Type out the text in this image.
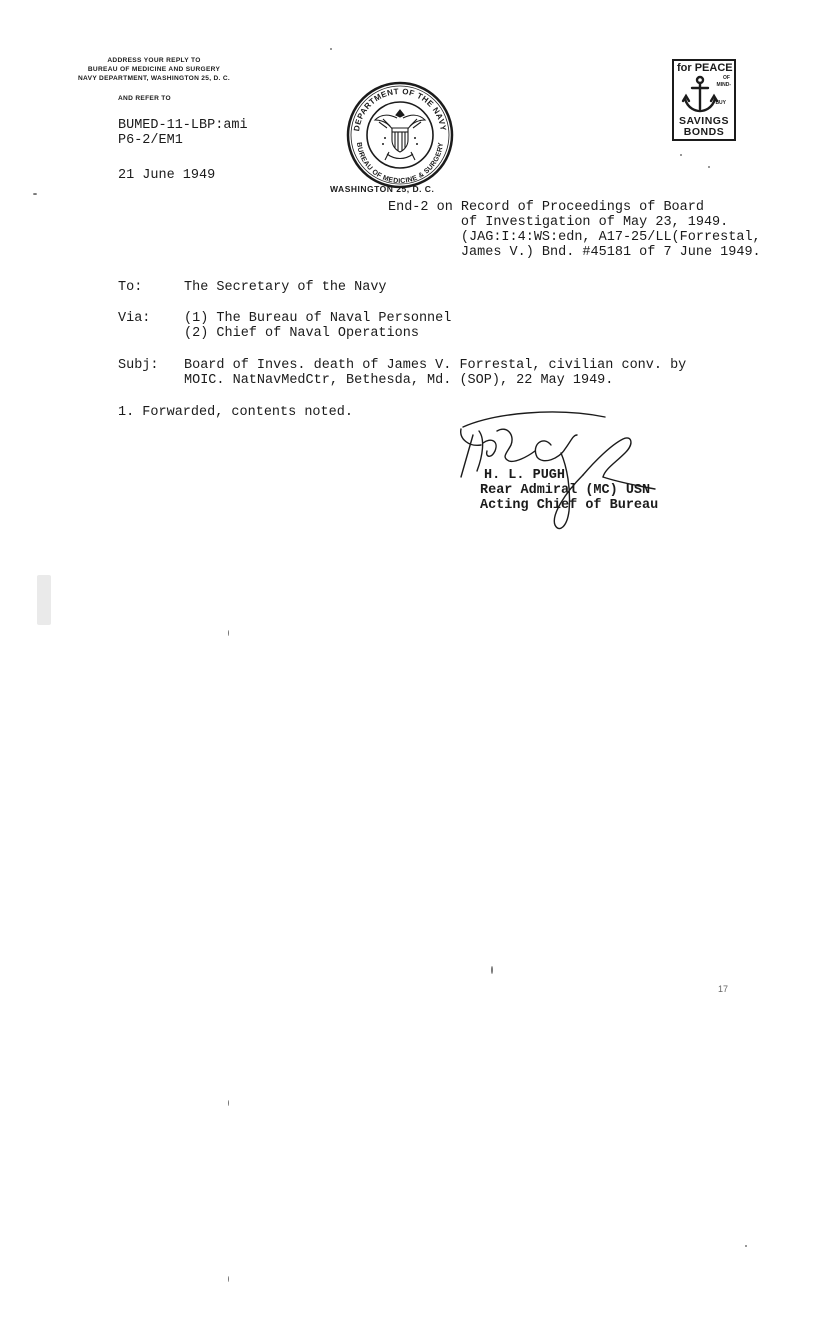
ADDRESS YOUR REPLY TO
BUREAU OF MEDICINE AND SURGERY
NAVY DEPARTMENT, WASHINGTON 25, D. C.
AND REFER TO
BUMED-11-LBP:ami
P6-2/EM1
21 June 1949
DEPARTMENT OF THE NAVY
BUREAU OF MEDICINE & SURGERY
WASHINGTON 25, D. C.
for PEACE
OF
MIND-
BUY
SAVINGS
BONDS
End-2 on Record of Proceedings of Board
of Investigation of May 23, 1949.
(JAG:I:4:WS:edn, A17-25/LL(Forrestal,
James V.) Bnd. #45181 of 7 June 1949.
To:	The Secretary of the Navy
Via: (1) The Bureau of Naval Personnel
(2) Chief of Naval Operations
Subj: Board of Inves. death of James V. Forrestal, civilian conv. by
MOIC. NatNavMedCtr, Bethesda, Md. (SOP), 22 May 1949.
1. Forwarded, contents noted.
H. L. PUGH
Rear Admiral (MC) USN
Acting Chief of Bureau
17
